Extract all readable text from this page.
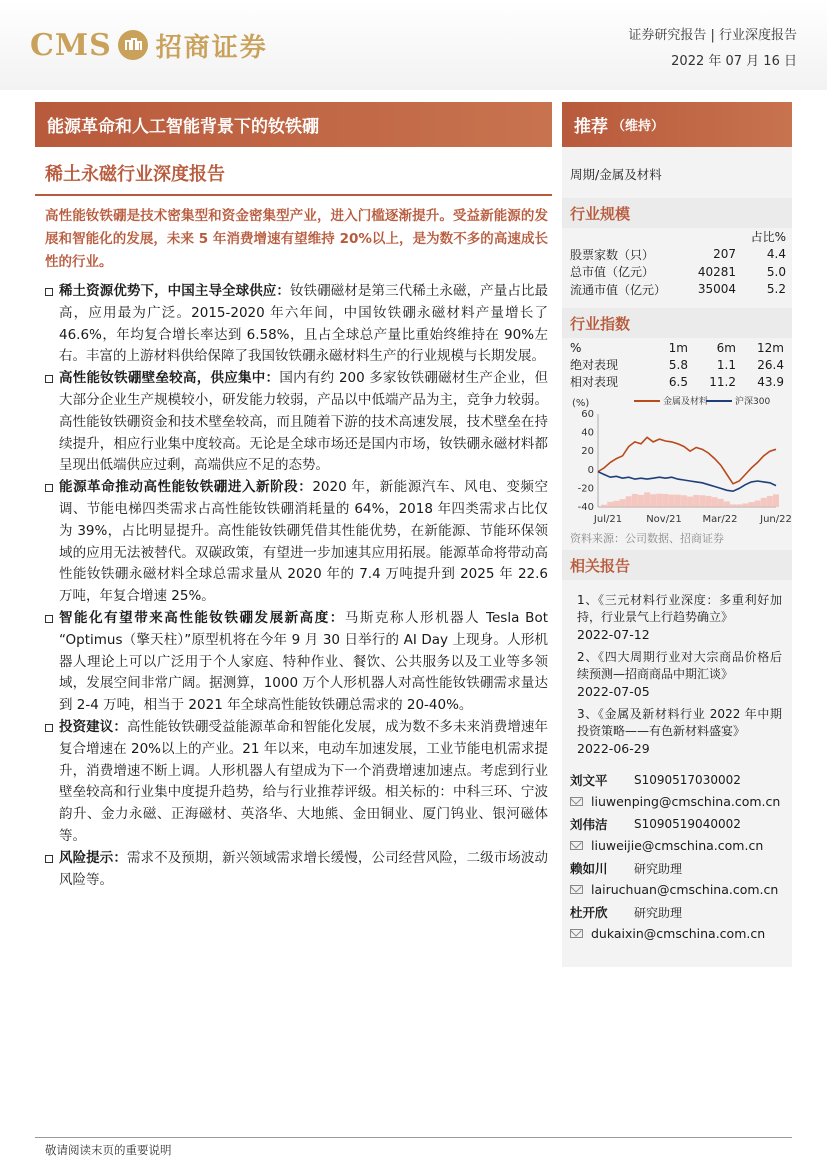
CMS 招商证券	证券研究报告 | 行业深度报告
2022 年 07 月 16 日
能源革命和人工智能背景下的钕铁硼	推荐 （维持）
稀土永磁行业深度报告
高性能钕铁硼是技术密集型和资金密集型产业，进入门槛逐渐提升。受益新能源的发展和智能化的发展，未来 5 年消费增速有望维持 20%以上，是为数不多的高速成长性的行业。
稀土资源优势下，中国主导全球供应：钕铁硼磁材是第三代稀土永磁，产量占比最高，应用最为广泛。2015-2020 年六年间，中国钕铁硼永磁材料产量增长了 46.6%，年均复合增长率达到 6.58%，且占全球总产量比重始终维持在 90%左右。丰富的上游材料供给保障了我国钕铁硼永磁材料生产的行业规模与长期发展。
高性能钕铁硼壁垒较高，供应集中：国内有约 200 多家钕铁硼磁材生产企业，但大部分企业生产规模较小，研发能力较弱，产品以中低端产品为主，竞争力较弱。高性能钕铁硼资金和技术壁垒较高，而且随着下游的技术高速发展，技术壁垒在持续提升，相应行业集中度较高。无论是全球市场还是国内市场，钕铁硼永磁材料都呈现出低端供应过剩，高端供应不足的态势。
能源革命推动高性能钕铁硼进入新阶段：2020 年，新能源汽车、风电、变频空调、节能电梯四类需求占高性能钕铁硼消耗量的 64%，2018 年四类需求占比仅为 39%，占比明显提升。高性能钕铁硼凭借其性能优势，在新能源、节能环保领域的应用无法被替代。双碳政策，有望进一步加速其应用拓展。能源革命将带动高性能钕铁硼永磁材料全球总需求量从 2020 年的 7.4 万吨提升到 2025 年 22.6 万吨，年复合增速 25%。
智能化有望带来高性能钕铁硼发展新高度：马斯克称人形机器人 Tesla Bot “Optimus（擎天柱）”原型机将在今年 9 月 30 日举行的 AI Day 上现身。人形机器人理论上可以广泛用于个人家庭、特种作业、餐饮、公共服务以及工业等多领域，发展空间非常广阔。据测算，1000 万个人形机器人对高性能钕铁硼需求量达到 2-4 万吨，相当于 2021 年全球高性能钕铁硼总需求的 20-40%。
投资建议：高性能钕铁硼受益能源革命和智能化发展，成为数不多未来消费增速年复合增速在 20%以上的产业。21 年以来，电动车加速发展，工业节能电机需求提升，消费增速不断上调。人形机器人有望成为下一个消费增速加速点。考虑到行业壁垒较高和行业集中度提升趋势，给与行业推荐评级。相关标的：中科三环、宁波韵升、金力永磁、正海磁材、英洛华、大地熊、金田铜业、厦门钨业、银河磁体等。
风险提示：需求不及预期，新兴领域需求增长缓慢，公司经营风险，二级市场波动风险等。
周期/金属及材料
行业规模
占比%
股票家数（只）	207	4.4
总市值（亿元）	40281	5.0
流通市值（亿元）	35004	5.2
行业指数
%	1m	6m	12m
绝对表现	5.8	1.1	26.4
相对表现	6.5	11.2	43.9
(%)	金属及材料	沪深300
60
40
20
0
-20
-40
Jul/21 Nov/21 Mar/22 Jun/22
资料来源：公司数据、招商证券
相关报告
1、《三元材料行业深度：多重利好加持，行业景气上行趋势确立》
2022-07-12
2、《四大周期行业对大宗商品价格后续预测—招商商品中期汇谈》
2022-07-05
3、《金属及新材料行业 2022 年中期投资策略——有色新材料盛宴》
2022-06-29
刘文平	S1090517030002
liuwenping@cmschina.com.cn
刘伟洁	S1090519040002
liuweijie@cmschina.com.cn
赖如川	研究助理
lairuchuan@cmschina.com.cn
杜开欣	研究助理
dukaixin@cmschina.com.cn
敬请阅读末页的重要说明
